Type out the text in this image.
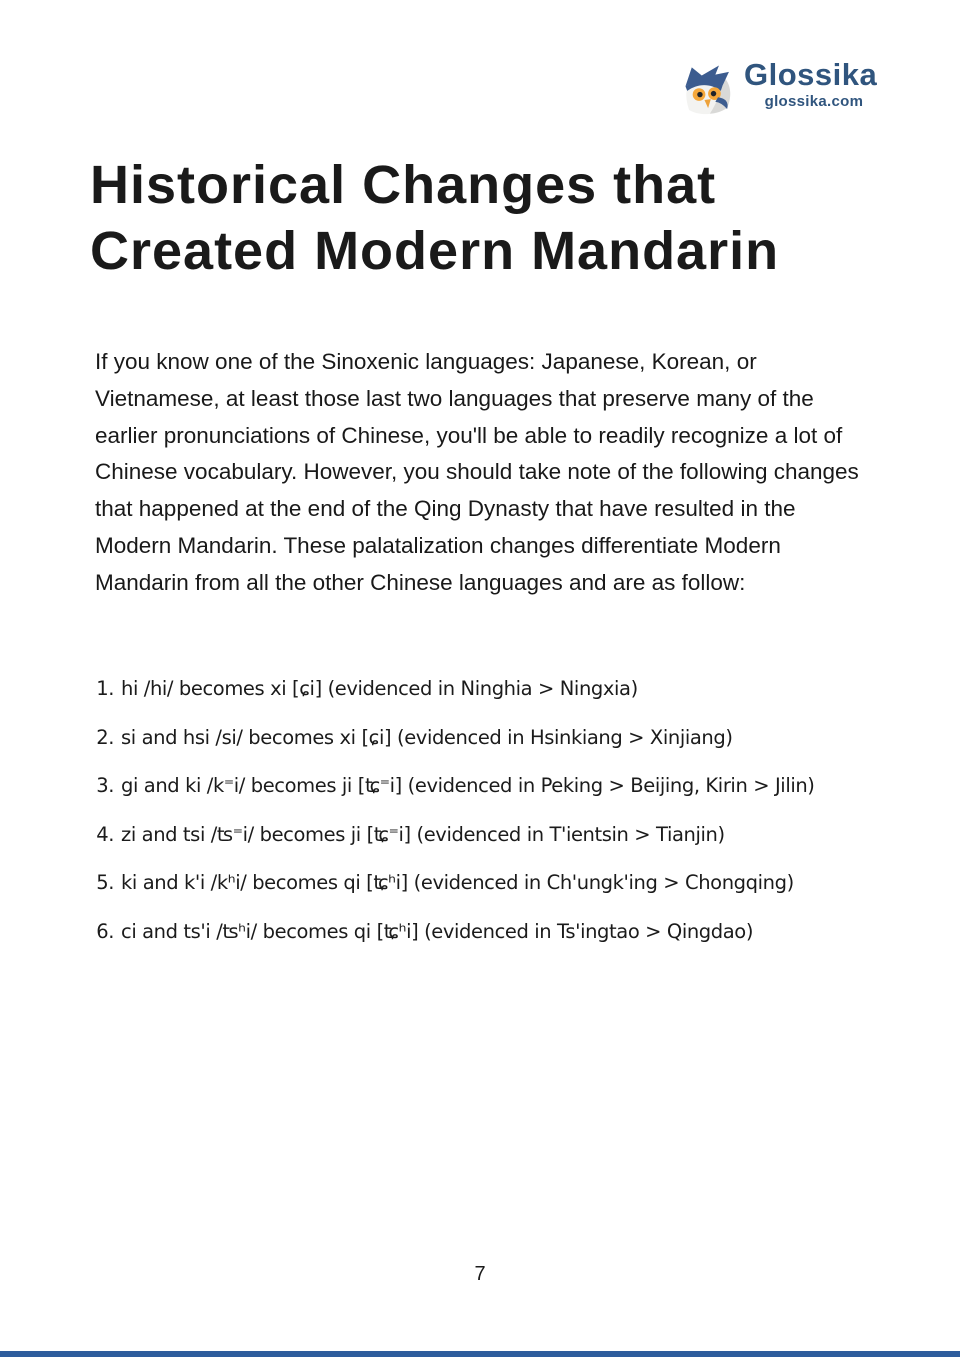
Glossika
glossika.com
Historical Changes that Created Modern Mandarin

If you know one of the Sinoxenic languages: Japanese, Korean, or Vietnamese, at least those last two languages that preserve many of the earlier pronunciations of Chinese, you'll be able to readily recognize a lot of Chinese vocabulary. However, you should take note of the following changes that happened at the end of the Qing Dynasty that have resulted in the Modern Mandarin. These palatalization changes differentiate Modern Mandarin from all the other Chinese languages and are as follow:

1. hi /hi/ becomes xi [ɕi] (evidenced in Ninghia > Ningxia)
2. si and hsi /si/ becomes xi [ɕi] (evidenced in Hsinkiang > Xinjiang)
3. gi and ki /k⁼i/ becomes ji [ʨ⁼i] (evidenced in Peking > Beijing, Kirin > Jilin)
4. zi and tsi /ʦ⁼i/ becomes ji [ʨ⁼i] (evidenced in T'ientsin > Tianjin)
5. ki and k'i /kʰi/ becomes qi [ʨʰi] (evidenced in Ch'ungk'ing > Chongqing)
6. ci and ts'i /ʦʰi/ becomes qi [ʨʰi] (evidenced in Ts'ingtao > Qingdao)
7
